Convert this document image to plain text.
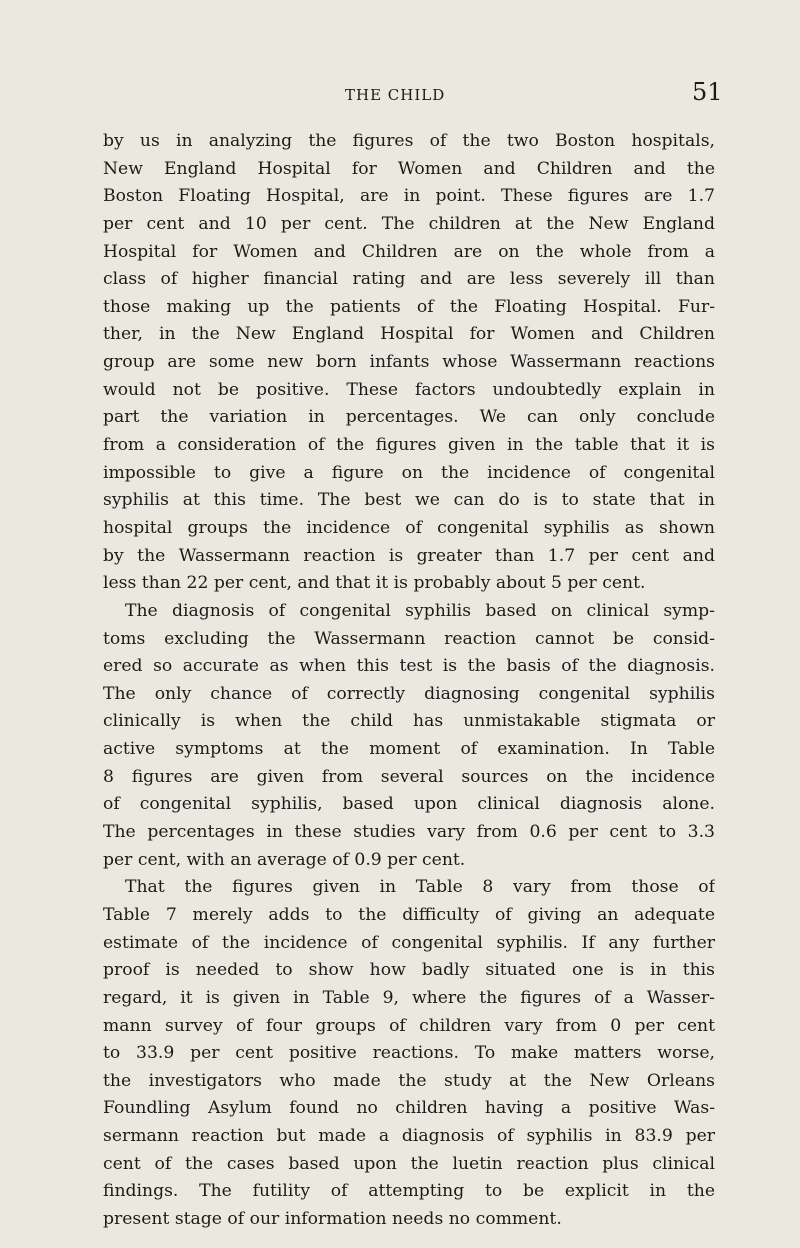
THE CHILD	51
by us in analyzing the figures of the two Boston hospitals,
New England Hospital for Women and Children and the
Boston Floating Hospital, are in point. These figures are 1.7
per cent and 10 per cent. The children at the New England
Hospital for Women and Children are on the whole from a
class of higher financial rating and are less severely ill than
those making up the patients of the Floating Hospital. Fur-
ther, in the New England Hospital for Women and Children
group are some new born infants whose Wassermann reactions
would not be positive. These factors undoubtedly explain in
part the variation in percentages. We can only conclude
from a consideration of the figures given in the table that it is
impossible to give a figure on the incidence of congenital
syphilis at this time. The best we can do is to state that in
hospital groups the incidence of congenital syphilis as shown
by the Wassermann reaction is greater than 1.7 per cent and
less than 22 per cent, and that it is probably about 5 per cent.
The diagnosis of congenital syphilis based on clinical symp-
toms excluding the Wassermann reaction cannot be consid-
ered so accurate as when this test is the basis of the diagnosis.
The only chance of correctly diagnosing congenital syphilis
clinically is when the child has unmistakable stigmata or
active symptoms at the moment of examination. In Table
8 figures are given from several sources on the incidence
of congenital syphilis, based upon clinical diagnosis alone.
The percentages in these studies vary from 0.6 per cent to 3.3
per cent, with an average of 0.9 per cent.
That the figures given in Table 8 vary from those of
Table 7 merely adds to the difficulty of giving an adequate
estimate of the incidence of congenital syphilis. If any further
proof is needed to show how badly situated one is in this
regard, it is given in Table 9, where the figures of a Wasser-
mann survey of four groups of children vary from 0 per cent
to 33.9 per cent positive reactions. To make matters worse,
the investigators who made the study at the New Orleans
Foundling Asylum found no children having a positive Was-
sermann reaction but made a diagnosis of syphilis in 83.9 per
cent of the cases based upon the luetin reaction plus clinical
findings. The futility of attempting to be explicit in the
present stage of our information needs no comment.
